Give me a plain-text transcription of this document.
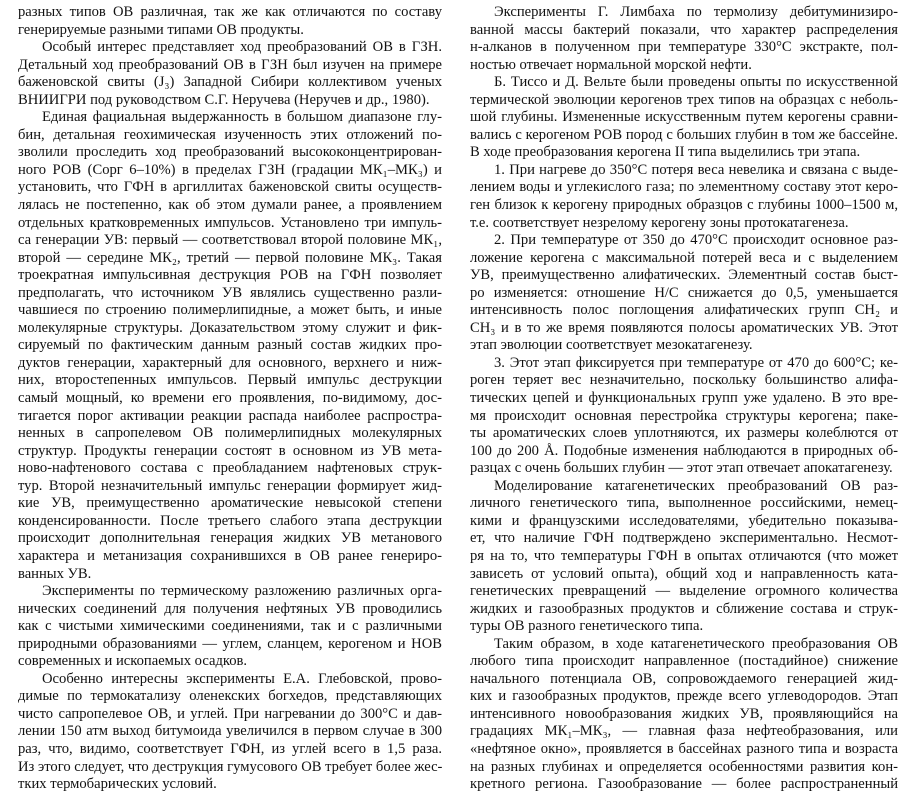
разных типов ОВ различная, так же как отличаются по составу
генерируемые разными типами ОВ продукты.
Особый интерес представляет ход преобразований ОВ в ГЗН.
Детальный ход преобразований ОВ в ГЗН был изучен на примере
баженовской свиты (J₃) Западной Сибири коллективом ученых
ВНИИГРИ под руководством С.Г. Неручева (Неручев и др., 1980).
Единая фациальная выдержанность в большом диапазоне глу-
бин, детальная геохимическая изученность этих отложений по-
зволили проследить ход преобразований высококонцентрирован-
ного РОВ (Cорг 6–10%) в пределах ГЗН (градации МК₁–МК₃) и
установить, что ГФН в аргиллитах баженовской свиты осуществ-
лялась не постепенно, как об этом думали ранее, а проявлением
отдельных кратковременных импульсов. Установлено три импуль-
са генерации УВ: первый — соответствовал второй половине МК₁,
второй — середине МК₂, третий — первой половине МК₃. Такая
троекратная импульсивная деструкция РОВ на ГФН позволяет
предполагать, что источником УВ являлись существенно разли-
чавшиеся по строению полимерлипидные, а может быть, и иные
молекулярные структуры. Доказательством этому служит и фик-
сируемый по фактическим данным разный состав жидких про-
дуктов генерации, характерный для основного, верхнего и ниж-
них, второстепенных импульсов. Первый импульс деструкции
самый мощный, ко времени его проявления, по-видимому, дос-
тигается порог активации реакции распада наиболее распростра-
ненных в сапропелевом ОВ полимерлипидных молекулярных
структур. Продукты генерации состоят в основном из УВ мета-
ново-нафтенового состава с преобладанием нафтеновых струк-
тур. Второй незначительный импульс генерации формирует жид-
кие УВ, преимущественно ароматические невысокой степени
конденсированности. После третьего слабого этапа деструкции
происходит дополнительная генерация жидких УВ метанового
характера и метанизация сохранившихся в ОВ ранее генериро-
ванных УВ.
Эксперименты по термическому разложению различных орга-
нических соединений для получения нефтяных УВ проводились
как с чистыми химическими соединениями, так и с различными
природными образованиями — углем, сланцем, керогеном и НОВ
современных и ископаемых осадков.
Особенно интересны эксперименты Е.А. Глебовской, прово-
димые по термокатализу оленекских богхедов, представляющих
чисто сапропелевое ОВ, и углей. При нагревании до 300°С и дав-
лении 150 атм выход битумоида увеличился в первом случае в 300
раз, что, видимо, соответствует ГФН, из углей всего в 1,5 раза.
Из этого следует, что деструкция гумусового ОВ требует более жес-
тких термобарических условий.
Эксперименты Г. Лимбаха по термолизу дебитуминизиро-
ванной массы бактерий показали, что характер распределения
н-алканов в полученном при температуре 330°С экстракте, пол-
ностью отвечает нормальной морской нефти.
Б. Тиссо и Д. Вельте были проведены опыты по искусственной
термической эволюции керогенов трех типов на образцах с неболь-
шой глубины. Измененные искусственным путем керогены сравни-
вались с керогеном РОВ пород с больших глубин в том же бассейне.
В ходе преобразования керогена II типа выделились три этапа.
1. При нагреве до 350°С потеря веса невелика и связана с выде-
лением воды и углекислого газа; по элементному составу этот керо-
ген близок к керогену природных образцов с глубины 1000–1500 м,
т.е. соответствует незрелому керогену зоны протокатагенеза.
2. При температуре от 350 до 470°С происходит основное раз-
ложение керогена с максимальной потерей веса и с выделением
УВ, преимущественно алифатических. Элементный состав быст-
ро изменяется: отношение Н/С снижается до 0,5, уменьшается
интенсивность полос поглощения алифатических групп СН₂ и
СН₃ и в то же время появляются полосы ароматических УВ. Этот
этап эволюции соответствует мезокатагенезу.
3. Этот этап фиксируется при температуре от 470 до 600°С; ке-
роген теряет вес незначительно, поскольку большинство алифа-
тических цепей и функциональных групп уже удалено. В это вре-
мя происходит основная перестройка структуры керогена; паке-
ты ароматических слоев уплотняются, их размеры колеблются от
100 до 200 Å. Подобные изменения наблюдаются в природных об-
разцах с очень больших глубин — этот этап отвечает апокатагенезу.
Моделирование катагенетических преобразований ОВ раз-
личного генетического типа, выполненное российскими, немец-
кими и французскими исследователями, убедительно показыва-
ет, что наличие ГФН подтверждено экспериментально. Несмот-
ря на то, что температуры ГФН в опытах отличаются (что может
зависеть от условий опыта), общий ход и направленность ката-
генетических превращений — выделение огромного количества
жидких и газообразных продуктов и сближение состава и струк-
туры ОВ разного генетического типа.
Таким образом, в ходе катагенетического преобразования ОВ
любого типа происходит направленное (постадийное) снижение
начального потенциала ОВ, сопровождаемого генерацией жид-
ких и газообразных продуктов, прежде всего углеводородов. Этап
интенсивного новообразования жидких УВ, проявляющийся на
градациях МК₁–МК₃, — главная фаза нефтеобразования, или
«нефтяное окно», проявляется в бассейнах разного типа и возраста
на разных глубинах и определяется особенностями развития кон-
кретного региона. Газообразование — более распространенный
